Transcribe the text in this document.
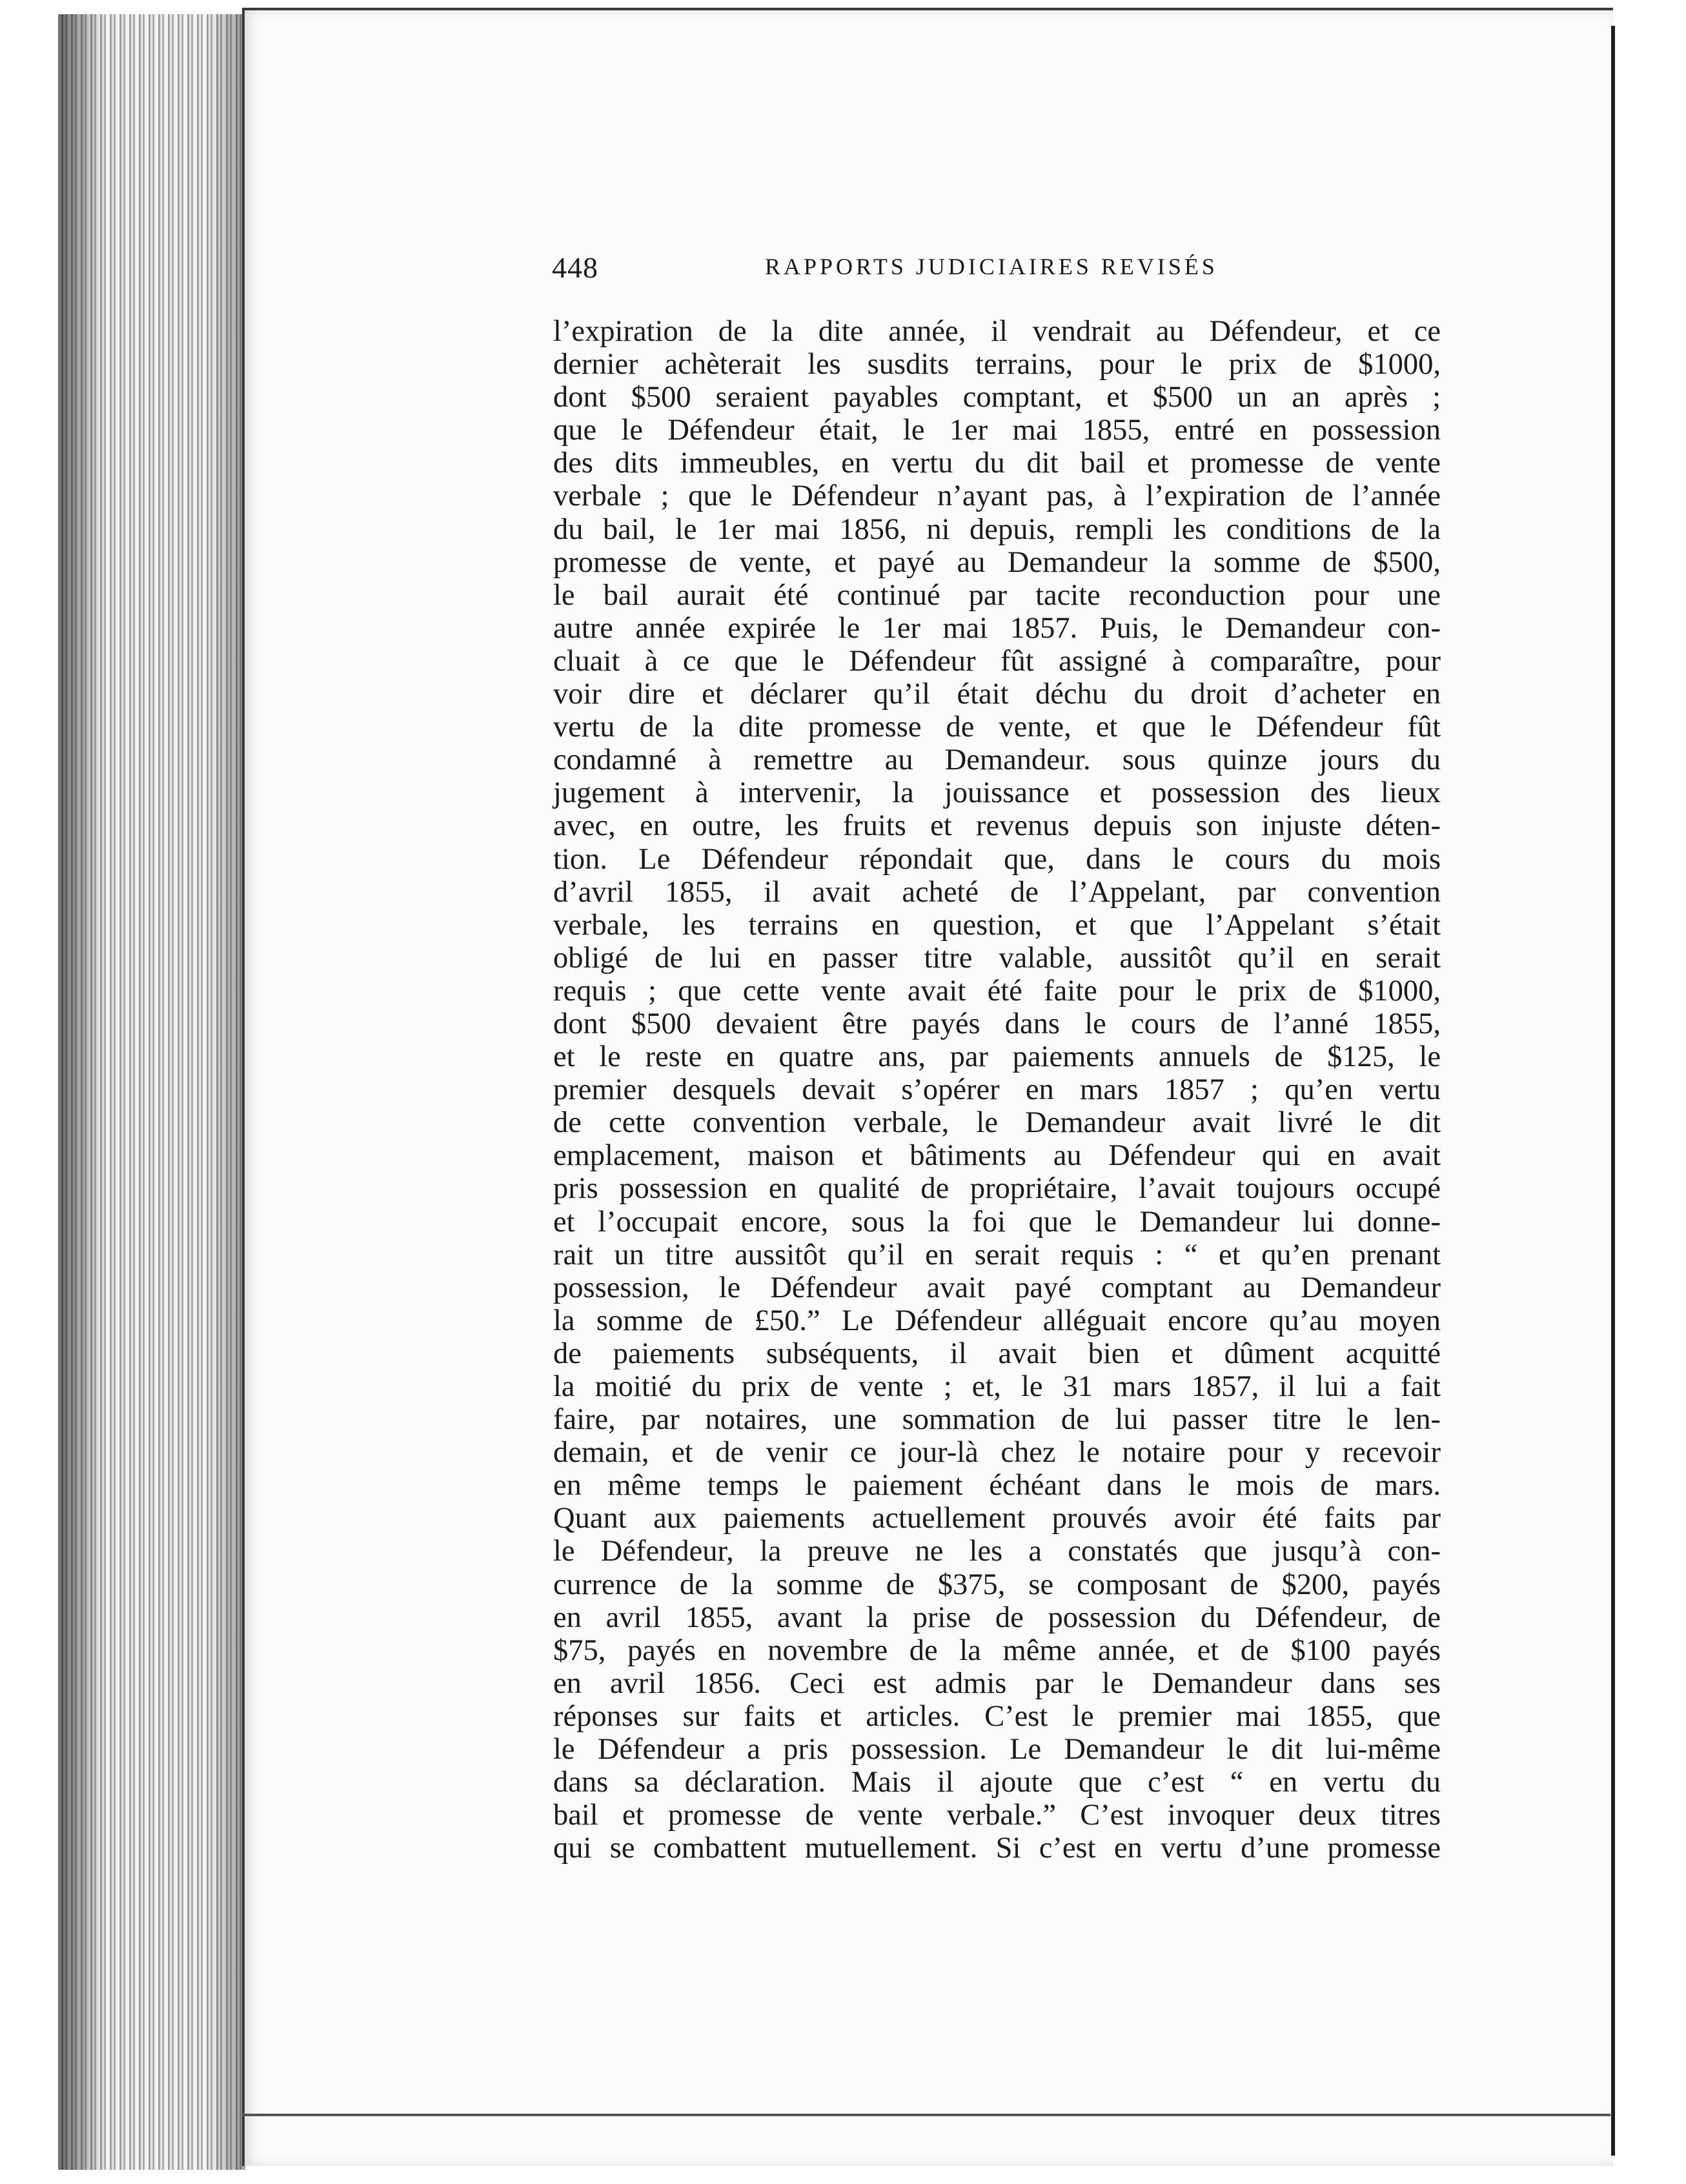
448	RAPPORTS JUDICIAIRES REVISÉS
l’expiration de la dite année, il vendrait au Défendeur, et ce
dernier achèterait les susdits terrains, pour le prix de $1000,
dont $500 seraient payables comptant, et $500 un an après ;
que le Défendeur était, le 1er mai 1855, entré en possession
des dits immeubles, en vertu du dit bail et promesse de vente
verbale ; que le Défendeur n’ayant pas, à l’expiration de l’année
du bail, le 1er mai 1856, ni depuis, rempli les conditions de la
promesse de vente, et payé au Demandeur la somme de $500,
le bail aurait été continué par tacite reconduction pour une
autre année expirée le 1er mai 1857. Puis, le Demandeur con-
cluait à ce que le Défendeur fût assigné à comparaître, pour
voir dire et déclarer qu’il était déchu du droit d’acheter en
vertu de la dite promesse de vente, et que le Défendeur fût
condamné à remettre au Demandeur. sous quinze jours du
jugement à intervenir, la jouissance et possession des lieux
avec, en outre, les fruits et revenus depuis son injuste déten-
tion. Le Défendeur répondait que, dans le cours du mois
d’avril 1855, il avait acheté de l’Appelant, par convention
verbale, les terrains en question, et que l’Appelant s’était
obligé de lui en passer titre valable, aussitôt qu’il en serait
requis ; que cette vente avait été faite pour le prix de $1000,
dont $500 devaient être payés dans le cours de l’anné 1855,
et le reste en quatre ans, par paiements annuels de $125, le
premier desquels devait s’opérer en mars 1857 ; qu’en vertu
de cette convention verbale, le Demandeur avait livré le dit
emplacement, maison et bâtiments au Défendeur qui en avait
pris possession en qualité de propriétaire, l’avait toujours occupé
et l’occupait encore, sous la foi que le Demandeur lui donne-
rait un titre aussitôt qu’il en serait requis : “ et qu’en prenant
possession, le Défendeur avait payé comptant au Demandeur
la somme de £50.” Le Défendeur alléguait encore qu’au moyen
de paiements subséquents, il avait bien et dûment acquitté
la moitié du prix de vente ; et, le 31 mars 1857, il lui a fait
faire, par notaires, une sommation de lui passer titre le len-
demain, et de venir ce jour-là chez le notaire pour y recevoir
en même temps le paiement échéant dans le mois de mars.
Quant aux paiements actuellement prouvés avoir été faits par
le Défendeur, la preuve ne les a constatés que jusqu’à con-
currence de la somme de $375, se composant de $200, payés
en avril 1855, avant la prise de possession du Défendeur, de
$75, payés en novembre de la même année, et de $100 payés
en avril 1856. Ceci est admis par le Demandeur dans ses
réponses sur faits et articles. C’est le premier mai 1855, que
le Défendeur a pris possession. Le Demandeur le dit lui-même
dans sa déclaration. Mais il ajoute que c’est “ en vertu du
bail et promesse de vente verbale.” C’est invoquer deux titres
qui se combattent mutuellement. Si c’est en vertu d’une promesse
